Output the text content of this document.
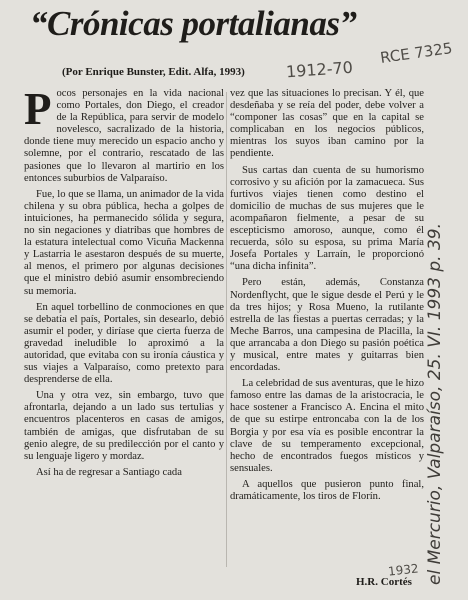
“Crónicas portalianas”
(Por Enrique Bunster, Edit. Alfa, 1993)	1912-70
RCE 7325

Pocos personajes en la vida nacional como Portales, don Diego, el creador de la República, para servir de modelo novelesco, sacralizado de la historia, donde tiene muy merecido un espacio ancho y solemne, por el contrario, rescatado de las pasiones que lo llevaron al martirio en los entonces suburbios de Valparaíso.

Fue, lo que se llama, un animador de la vida chilena y su obra pública, hecha a golpes de intuiciones, ha permanecido sólida y segura, no sin negaciones y diatribas que hombres de la estatura intelectual como Vicuña Mackenna y Lastarria le asestaron después de su muerte, al menos, el primero por algunas decisiones que el ministro debió asumir ensombreciendo su memoria.

En aquel torbellino de conmociones en que se debatía el país, Portales, sin desearlo, debió asumir el poder, y diríase que cierta fuerza de gravedad ineludible lo aproximó a la autoridad, que evitaba con su ironía cáustica y sus viajes a Valparaíso, como pretexto para desprenderse de ella.

Una y otra vez, sin embargo, tuvo que afrontarla, dejando a un lado sus tertulias y encuentros placenteros en casas de amigos, también de amigas, que disfrutaban de su genio alegre, de su predilección por el canto y su lenguaje ligero y mordaz.

Así ha de regresar a Santiago cada

vez que las situaciones lo precisan. Y él, que desdeñaba y se reía del poder, debe volver a “componer las cosas” que en la capital se complicaban en los negocios públicos, mientras los suyos iban camino por la pendiente.

Sus cartas dan cuenta de su humorismo corrosivo y su afición por la zamacueca. Sus furtivos viajes tienen como destino el domicilio de muchas de sus mujeres que le acompañaron fielmente, a pesar de su escepticismo amoroso, aunque, como él recuerda, sólo su esposa, su prima María Josefa Portales y Larraín, le proporcionó “una dicha infinita”.

Pero están, además, Constanza Nordenflycht, que le sigue desde el Perú y le da tres hijos; y Rosa Mueno, la rutilante estrella de las fiestas a puertas cerradas; y la Meche Barros, una campesina de Placilla, la que arrancaba a don Diego su pasión poética y musical, entre mates y guitarras bien encordadas.

La celebridad de sus aventuras, que le hizo famoso entre las damas de la aristocracia, le hace sostener a Francisco A. Encina el mito de que su estirpe entroncaba con la de los Borgia y por esa vía es posible encontrar la clave de su temperamento excepcional, hecho de encontrados fuegos místicos y sensuales.

A aquellos que pusieron punto final, dramáticamente, los tiros de Florín.

H.R. Cortés
1932 el Mercurio, Valparaíso, 25. VI. 1993 p. 39.
